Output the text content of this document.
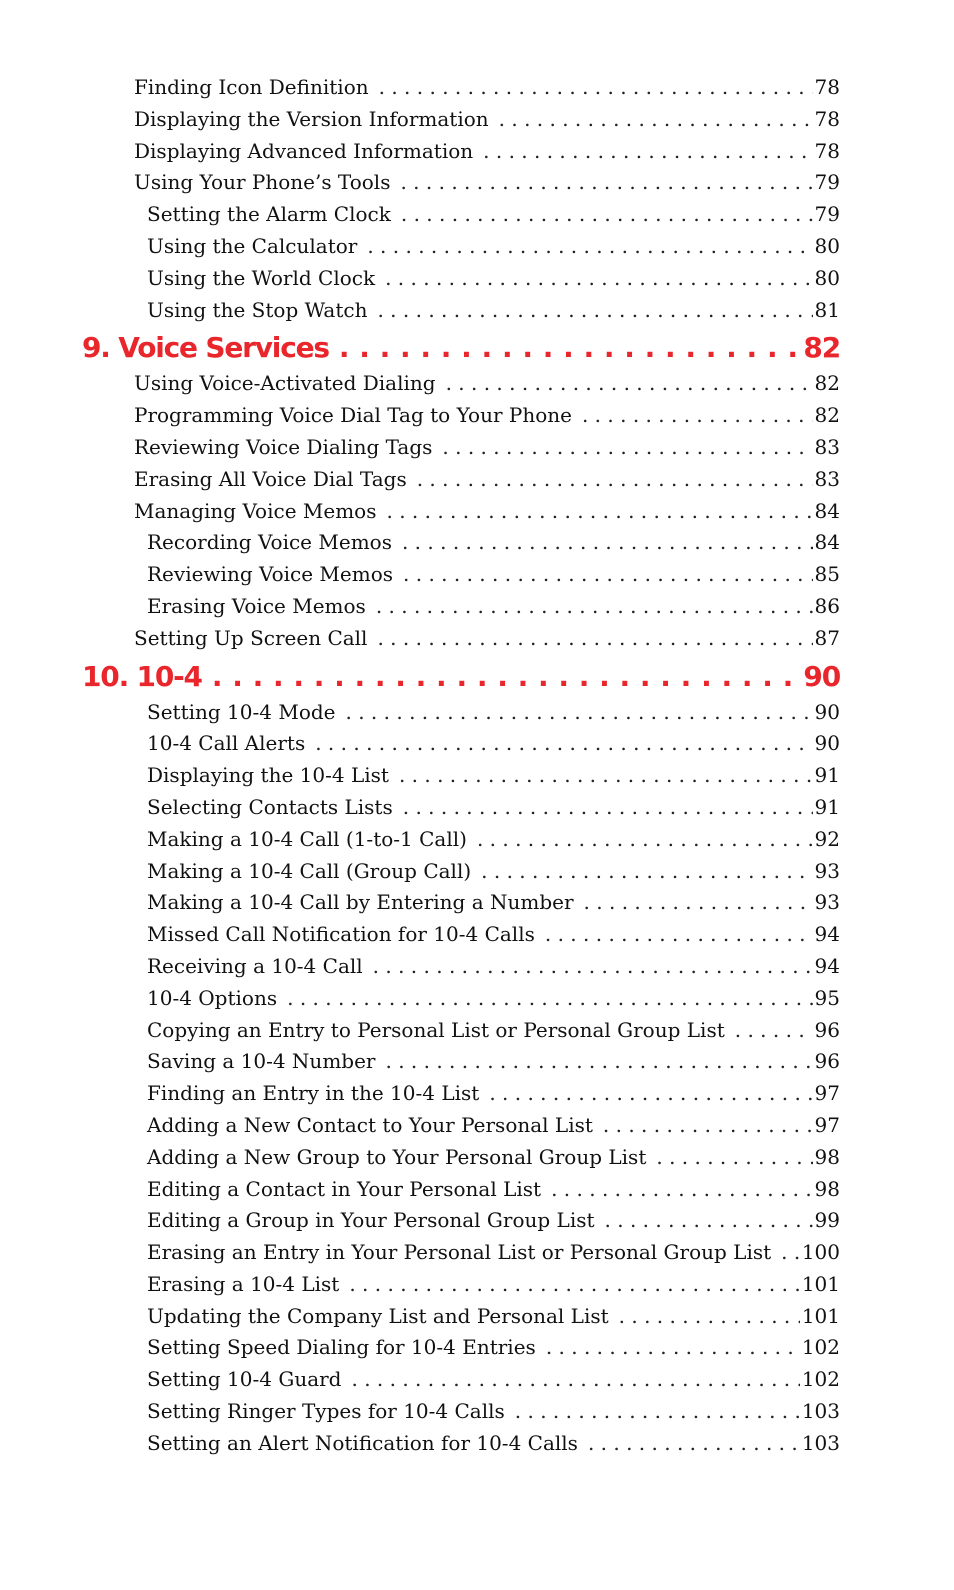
Finding Icon Definition . . .	78
Displaying the Version Information . . .	78
Displaying Advanced Information . . .	78
Using Your Phone’s Tools . . .	79
Setting the Alarm Clock . . .	79
Using the Calculator . . .	80
Using the World Clock . . .	80
Using the Stop Watch . . .	81
9. Voice Services . . .	82
Using Voice-Activated Dialing . . .	82
Programming Voice Dial Tag to Your Phone . . .	82
Reviewing Voice Dialing Tags . . .	83
Erasing All Voice Dial Tags . . .	83
Managing Voice Memos . . .	84
Recording Voice Memos . . .	84
Reviewing Voice Memos . . .	85
Erasing Voice Memos . . .	86
Setting Up Screen Call . . .	87
10. 10-4 . . .	90
Setting 10-4 Mode . . .	90
10-4 Call Alerts . . .	90
Displaying the 10-4 List . . .	91
Selecting Contacts Lists . . .	91
Making a 10-4 Call (1-to-1 Call) . . .	92
Making a 10-4 Call (Group Call) . . .	93
Making a 10-4 Call by Entering a Number . . .	93
Missed Call Notification for 10-4 Calls . . .	94
Receiving a 10-4 Call . . .	94
10-4 Options . . .	95
Copying an Entry to Personal List or Personal Group List . . .	96
Saving a 10-4 Number . . .	96
Finding an Entry in the 10-4 List . . .	97
Adding a New Contact to Your Personal List . . .	97
Adding a New Group to Your Personal Group List . . .	98
Editing a Contact in Your Personal List . . .	98
Editing a Group in Your Personal Group List . . .	99
Erasing an Entry in Your Personal List or Personal Group List . . . 100
Erasing a 10-4 List . . .	101
Updating the Company List and Personal List . . .	101
Setting Speed Dialing for 10-4 Entries . . .	102
Setting 10-4 Guard . . .	102
Setting Ringer Types for 10-4 Calls . . .	103
Setting an Alert Notification for 10-4 Calls . . .	103
